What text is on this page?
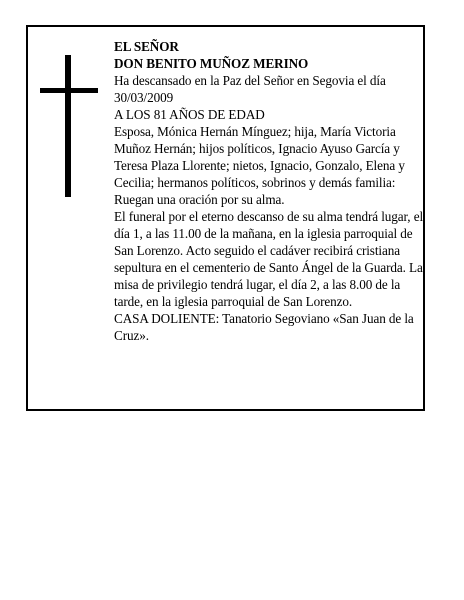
EL SEÑOR

DON BENITO MUÑOZ MERINO

Ha descansado en la Paz del Señor en Segovia el día 30/03/2009

A LOS 81 AÑOS DE EDAD

Esposa, Mónica Hernán Mínguez; hija, María Victoria Muñoz Hernán; hijos políticos, Ignacio Ayuso García y Teresa Plaza Llorente; nietos, Ignacio, Gonzalo, Elena y Cecilia; hermanos políticos, sobrinos y demás familia:

Ruegan una oración por su alma.

El funeral por el eterno descanso de su alma tendrá lugar, el día 1, a las 11.00 de la mañana, en la iglesia parroquial de San Lorenzo. Acto seguido el cadáver recibirá cristiana sepultura en el cementerio de Santo Ángel de la Guarda. La misa de privilegio tendrá lugar, el día 2, a las 8.00 de la tarde, en la iglesia parroquial de San Lorenzo.

CASA DOLIENTE: Tanatorio Segoviano «San Juan de la Cruz».
